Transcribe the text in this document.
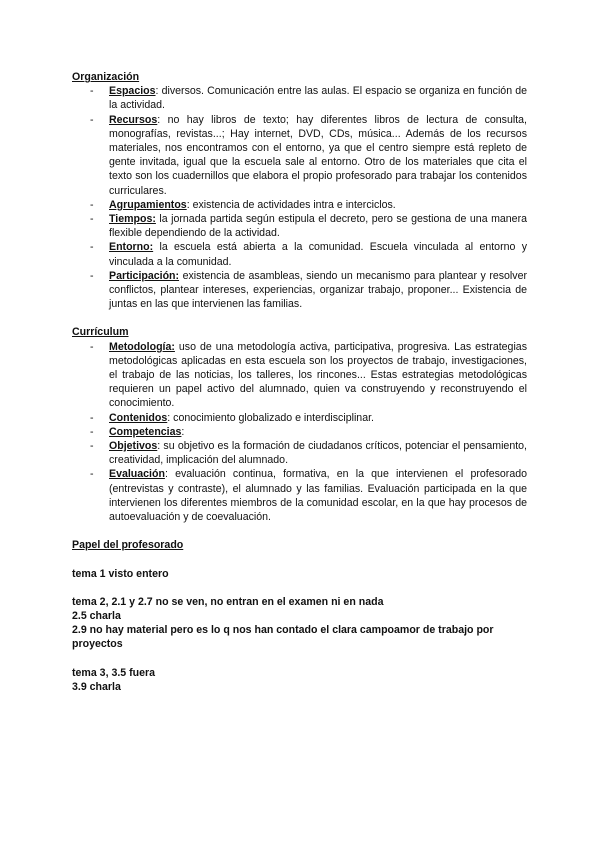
Organización

- Espacios: diversos. Comunicación entre las aulas. El espacio se organiza en función de la actividad.
- Recursos: no hay libros de texto; hay diferentes libros de lectura de consulta, monografías, revistas...; Hay internet, DVD, CDs, música... Además de los recursos materiales, nos encontramos con el entorno, ya que el centro siempre está repleto de gente invitada, igual que la escuela sale al entorno. Otro de los materiales que cita el texto son los cuadernillos que elabora el propio profesorado para trabajar los contenidos curriculares.
- Agrupamientos: existencia de actividades intra e interciclos.
- Tiempos: la jornada partida según estipula el decreto, pero se gestiona de una manera flexible dependiendo de la actividad.
- Entorno: la escuela está abierta a la comunidad. Escuela vinculada al entorno y vinculada a la comunidad.
- Participación: existencia de asambleas, siendo un mecanismo para plantear y resolver conflictos, plantear intereses, experiencias, organizar trabajo, proponer... Existencia de juntas en las que intervienen las familias.

Currículum

- Metodología: uso de una metodología activa, participativa, progresiva. Las estrategias metodológicas aplicadas en esta escuela son los proyectos de trabajo, investigaciones, el trabajo de las noticias, los talleres, los rincones... Estas estrategias metodológicas requieren un papel activo del alumnado, quien va construyendo y reconstruyendo el conocimiento.
- Contenidos: conocimiento globalizado e interdisciplinar.
- Competencias:
- Objetivos: su objetivo es la formación de ciudadanos críticos, potenciar el pensamiento, creatividad, implicación del alumnado.
- Evaluación: evaluación continua, formativa, en la que intervienen el profesorado (entrevistas y contraste), el alumnado y las familias. Evaluación participada en la que intervienen los diferentes miembros de la comunidad escolar, en la que hay procesos de autoevaluación y de coevaluación.

Papel del profesorado

tema 1 visto entero

tema 2, 2.1 y 2.7 no se ven, no entran en el examen ni en nada

2.5 charla

2.9 no hay material pero es lo q nos han contado el clara campoamor de trabajo por proyectos

tema 3, 3.5 fuera

3.9 charla
